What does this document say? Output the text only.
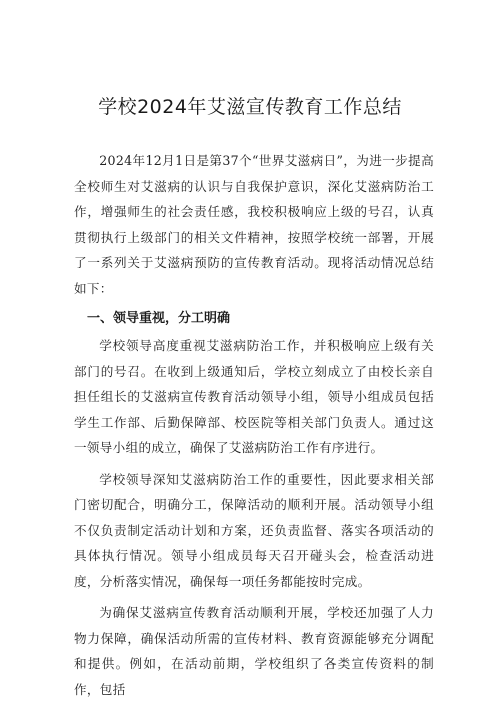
学校2024年艾滋宣传教育工作总结

2024年12月1日是第37个“世界艾滋病日”，为进一步提高全校师生对艾滋病的认识与自我保护意识，深化艾滋病防治工作，增强师生的社会责任感，我校积极响应上级的号召，认真贯彻执行上级部门的相关文件精神，按照学校统一部署，开展了一系列关于艾滋病预防的宣传教育活动。现将活动情况总结如下：

一、领导重视，分工明确

学校领导高度重视艾滋病防治工作，并积极响应上级有关部门的号召。在收到上级通知后，学校立刻成立了由校长亲自担任组长的艾滋病宣传教育活动领导小组，领导小组成员包括学生工作部、后勤保障部、校医院等相关部门负责人。通过这一领导小组的成立，确保了艾滋病防治工作有序进行。

学校领导深知艾滋病防治工作的重要性，因此要求相关部门密切配合，明确分工，保障活动的顺利开展。活动领导小组不仅负责制定活动计划和方案，还负责监督、落实各项活动的具体执行情况。领导小组成员每天召开碰头会，检查活动进度，分析落实情况，确保每一项任务都能按时完成。

为确保艾滋病宣传教育活动顺利开展，学校还加强了人力物力保障，确保活动所需的宣传材料、教育资源能够充分调配和提供。例如，在活动前期，学校组织了各类宣传资料的制作，包括
